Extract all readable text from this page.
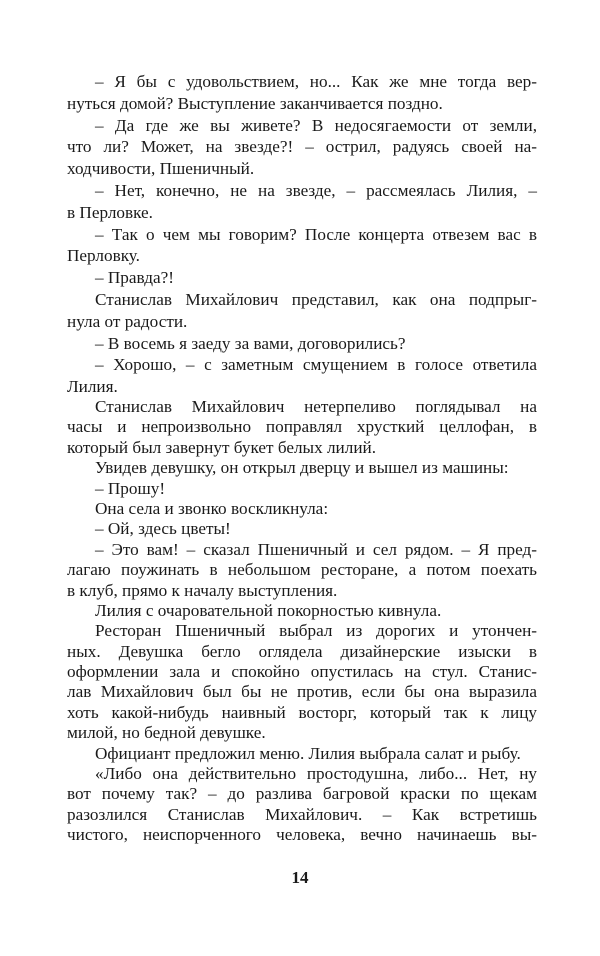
– Я бы с удовольствием, но... Как же мне тогда вер-
нуться домой? Выступление заканчивается поздно.
– Да где же вы живете? В недосягаемости от земли,
что ли? Может, на звезде?! – острил, радуясь своей на-
ходчивости, Пшеничный.
– Нет, конечно, не на звезде, – рассмеялась Лилия, –
в Перловке.
– Так о чем мы говорим? После концерта отвезем вас в
Перловку.
– Правда?!
Станислав Михайлович представил, как она подпрыг-
нула от радости.
– В восемь я заеду за вами, договорились?
– Хорошо, – с заметным смущением в голосе ответила
Лилия.
Станислав Михайлович нетерпеливо поглядывал на
часы и непроизвольно поправлял хрусткий целлофан, в
который был завернут букет белых лилий.
Увидев девушку, он открыл дверцу и вышел из машины:
– Прошу!
Она села и звонко воскликнула:
– Ой, здесь цветы!
– Это вам! – сказал Пшеничный и сел рядом. – Я пред-
лагаю поужинать в небольшом ресторане, а потом поехать
в клуб, прямо к началу выступления.
Лилия с очаровательной покорностью кивнула.
Ресторан Пшеничный выбрал из дорогих и утончен-
ных. Девушка бегло оглядела дизайнерские изыски в
оформлении зала и спокойно опустилась на стул. Станис-
лав Михайлович был бы не против, если бы она выразила
хоть какой-нибудь наивный восторг, который так к лицу
милой, но бедной девушке.
Официант предложил меню. Лилия выбрала салат и рыбу.
«Либо она действительно простодушна, либо... Нет, ну
вот почему так? – до разлива багровой краски по щекам
разозлился Станислав Михайлович. – Как встретишь
чистого, неиспорченного человека, вечно начинаешь вы-
14
